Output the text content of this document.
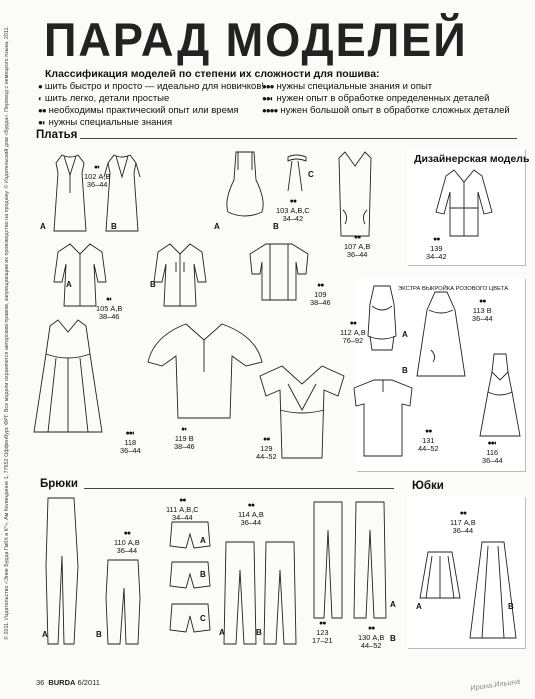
ПАРАД МОДЕЛЕЙ
Классификация моделей по степени их сложности для пошива:
● шить быстро и просто — идеально для новичков!
◐ шить легко, детали простые
●● необходимы практический опыт или время
●◐ нужны специальные знания
●●● нужны специальные знания и опыт
●●◐ нужен опыт в обработке определенных деталей
●●●● нужен большой опыт в обработке сложных деталей
Платья
Дизайнерская модель
ЭКСТРА ВЫКРОЙКА РОЗОВОГО ЦВЕТА
Брюки	Юбки
●◐
102 А,В
36–44
●●
103 А,В,С
34–42
●●
107 А,В
36–44
●●
139
34–42
●◐
105 А,В
38–46
●●
109
38–46
●●
112 А,В
76–92
●●
113 В
36–44
●●◐
118
36–44
●◐
119 В
38–46
●●
129
44–52
●●
131
44–52
●●◐
116
36–44
●●
110 А,В
36–44
●●
111 А,В,С
34–44
●●
114 А,В
36–44
●●
123
17–21
●●
130 А,В
44–52
●●
117 А,В
36–44
А	В	А	В
С
А	В
А
В
А	В
А
В
С
А	В
А
В
А	В
© 2011. Издательство «Энне Бурда ГмбХ и К°», Ам Келиндинне 1, 77652 Оффенбург. ФРГ. Все модели охраняются авторским правом, запрещающим их производство на продажу. © Издательский дом «Бурда». Перевод с немецкого языка, 2011.
36 BURDA 6/2011	Ирина.Ильина
